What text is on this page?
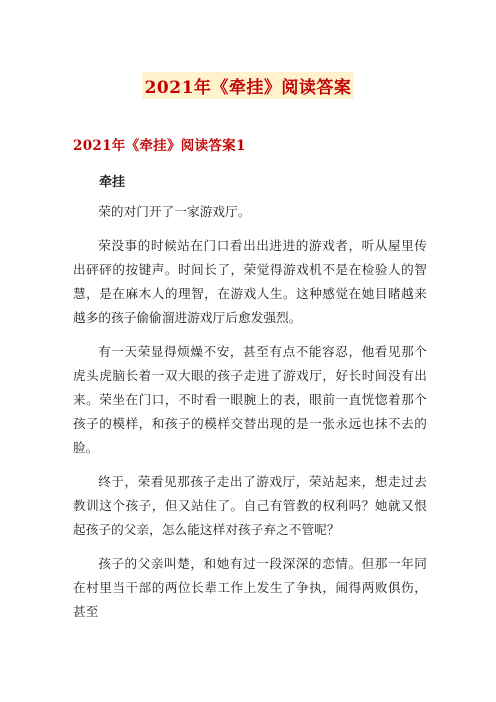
2021年《牵挂》阅读答案
2021年《牵挂》阅读答案1
牵挂

荣的对门开了一家游戏厅。

荣没事的时候站在门口看出出进进的游戏者，听从屋里传出砰砰的按键声。时间长了，荣觉得游戏机不是在检验人的智慧，是在麻木人的理智，在游戏人生。这种感觉在她目睹越来越多的孩子偷偷溜进游戏厅后愈发强烈。

有一天荣显得烦燥不安，甚至有点不能容忍，他看见那个虎头虎脑长着一双大眼的孩子走进了游戏厅，好长时间没有出来。荣坐在门口，不时看一眼腕上的表，眼前一直恍惚着那个孩子的模样，和孩子的模样交替出现的是一张永远也抹不去的脸。

终于，荣看见那孩子走出了游戏厅，荣站起来，想走过去教训这个孩子，但又站住了。自己有管教的权利吗？她就又恨起孩子的父亲，怎么能这样对孩子弃之不管呢？

孩子的父亲叫楚，和她有过一段深深的恋情。但那一年同在村里当干部的两位长辈工作上发生了争执，闹得两败俱伤，甚至
